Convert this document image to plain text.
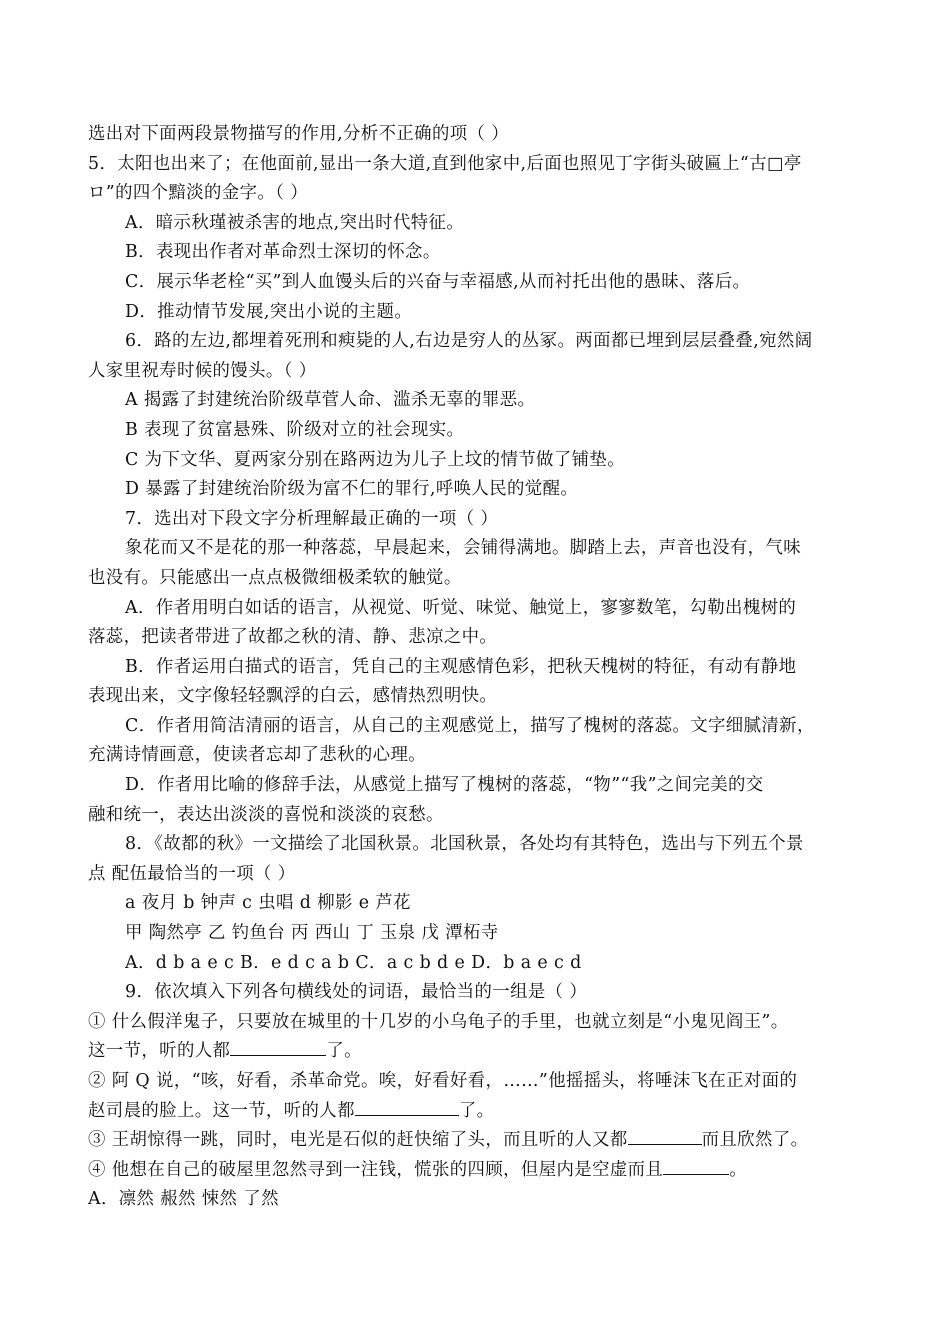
选出对下面两段景物描写的作用,分析不正确的项（ ）
5．太阳也出来了；在他面前,显出一条大道,直到他家中,后面也照见丁字街头破匾上“古□亭
ロ”的四个黯淡的金字。（ ）
A．暗示秋瑾被杀害的地点,突出时代特征。
B．表现出作者对革命烈士深切的怀念。
C．展示华老栓“买”到人血馒头后的兴奋与幸福感,从而衬托出他的愚昧、落后。
D．推动情节发展,突出小说的主题。
6．路的左边,都埋着死刑和瘐毙的人,右边是穷人的丛冢。两面都已埋到层层叠叠,宛然阔
人家里祝寿时候的馒头。（ ）
A 揭露了封建统治阶级草菅人命、滥杀无辜的罪恶。
B 表现了贫富悬殊、阶级对立的社会现实。
C 为下文华、夏两家分别在路两边为儿子上坟的情节做了铺垫。
D 暴露了封建统治阶级为富不仁的罪行,呼唤人民的觉醒。
7．选出对下段文字分析理解最正确的一项（ ）
象花而又不是花的那一种落蕊，早晨起来，会铺得满地。脚踏上去，声音也没有，气味
也没有。只能感出一点点极微细极柔软的触觉。
A．作者用明白如话的语言，从视觉、听觉、味觉、触觉上，寥寥数笔，勾勒出槐树的
落蕊，把读者带进了故都之秋的清、静、悲凉之中。
B．作者运用白描式的语言，凭自己的主观感情色彩，把秋天槐树的特征，有动有静地
表现出来，文字像轻轻飘浮的白云，感情热烈明快。
C．作者用简洁清丽的语言，从自己的主观感觉上，描写了槐树的落蕊。文字细腻清新，
充满诗情画意，使读者忘却了悲秋的心理。
D．作者用比喻的修辞手法，从感觉上描写了槐树的落蕊，“物”“我”之间完美的交
融和统一，表达出淡淡的喜悦和淡淡的哀愁。
8．《故都的秋》一文描绘了北国秋景。北国秋景，各处均有其特色，选出与下列五个景
点 配伍最恰当的一项（ ）
a 夜月 b 钟声 c 虫唱 d 柳影 e 芦花
甲 陶然亭 乙 钓鱼台 丙 西山 丁 玉泉 戊 潭柘寺
A．d b a e c B．e d c a b C．a c b d e D．b a e c d
9．依次填入下列各句横线处的词语，最恰当的一组是（ ）
① 什么假洋鬼子，只要放在城里的十几岁的小乌龟子的手里，也就立刻是“小鬼见阎王”。
这一节，听的人都	了。
② 阿 Q 说，“咳，好看，杀革命党。唉，好看好看，……”他摇摇头，将唾沫飞在正对面的
赵司晨的脸上。这一节，听的人都	了。
③ 王胡惊得一跳，同时，电光是石似的赶快缩了头，而且听的人又都	而且欣然了。
④ 他想在自己的破屋里忽然寻到一注钱，慌张的四顾，但屋内是空虚而且	。
A．凛然 赧然 悚然 了然
